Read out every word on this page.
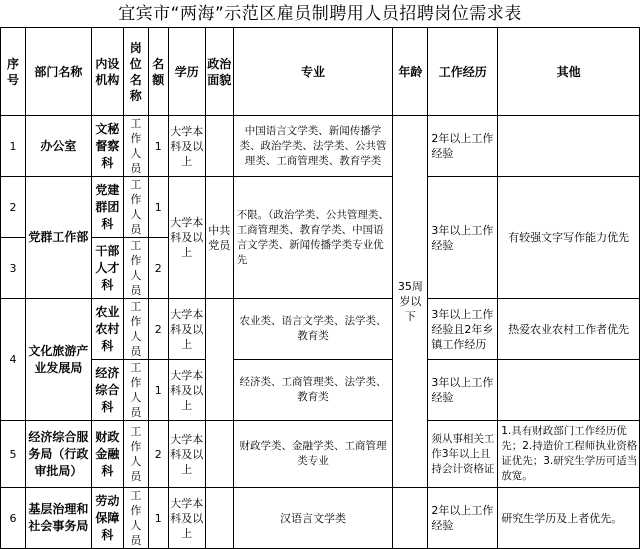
宜宾市“两海”示范区雇员制聘用人员招聘岗位需求表
序号	部门名称	内设机构	岗位名称	名额	学历	政治面貌	专业	年龄	工作经历	其他
1	办公室	文秘督察科	工作人员	1	大学本科及以上		中国语言文学类、新闻传播学类、政治学类、法学类、公共管理类、工商管理类、教育学类	35周岁以下	2年以上工作经验	
2	党群工作部	党建群团科	工作人员	1	大学本科及以上	中共党员	不限。（政治学类、公共管理类、工商管理类、教育学类、中国语言文学类、新闻传播学类专业优先		3年以上工作经验	有较强文字写作能力优先
3		干部人才科	工作人员	2						
4	文化旅游产业发展局	农业农村科	工作人员	2	大学本科及以上		农业类、语言文学类、法学类、教育类		3年以上工作经验且2年乡镇工作经历	热爱农业农村工作者优先
		经济综合科	工作人员	1	大学本科及以上		经济类、工商管理类、法学类、教育类		3年以上工作经验	
5	经济综合服务局（行政审批局）	财政金融科	工作人员	2	大学本科及以上		财政学类、金融学类、工商管理类专业		须从事相关工作3年以上且持会计资格证	1.具有财政部门工作经历优先；2.持造价工程师执业资格证优先；3.研究生学历可适当放宽。
6	基层治理和社会事务局	劳动保障科	工作人员	1	大学本科及以上		汉语言文学类		2年以上工作经验	研究生学历及上者优先。
